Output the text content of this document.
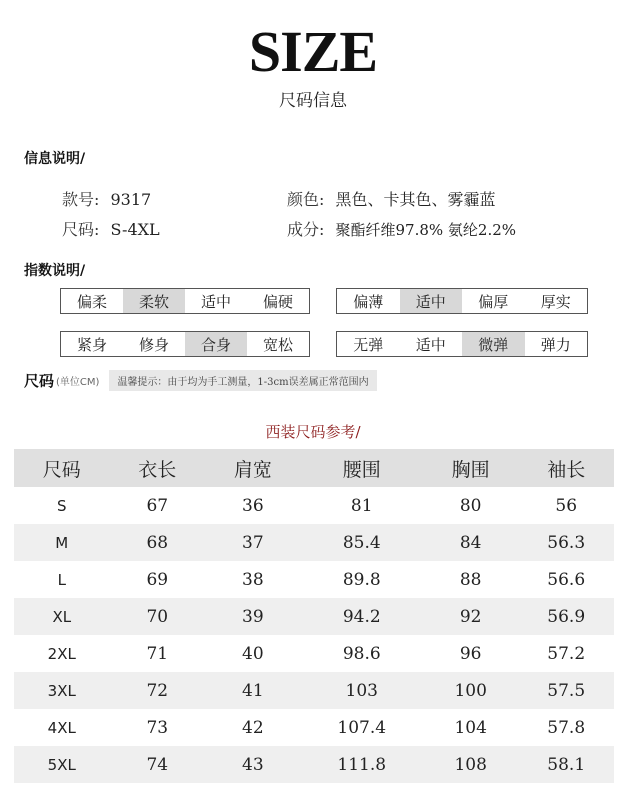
SIZE
尺码信息
信息说明/
款号: 9317	颜色: 黑色、卡其色、雾霾蓝
尺码: S-4XL	成分: 聚酯纤维97.8% 氨纶2.2%
指数说明/
偏柔	柔软	适中	偏硬	偏薄	适中	偏厚	厚实
紧身	修身	合身	宽松	无弹	适中	微弹	弹力
尺码 (单位CM)	温馨提示：由于均为手工测量，1-3cm误差属正常范围内
西装尺码参考/
尺码	衣长	肩宽	腰围	胸围	袖长
S	67	36	81	80	56
M	68	37	85.4	84	56.3
L	69	38	89.8	88	56.6
XL	70	39	94.2	92	56.9
2XL	71	40	98.6	96	57.2
3XL	72	41	103	100	57.5
4XL	73	42	107.4	104	57.8
5XL	74	43	111.8	108	58.1
